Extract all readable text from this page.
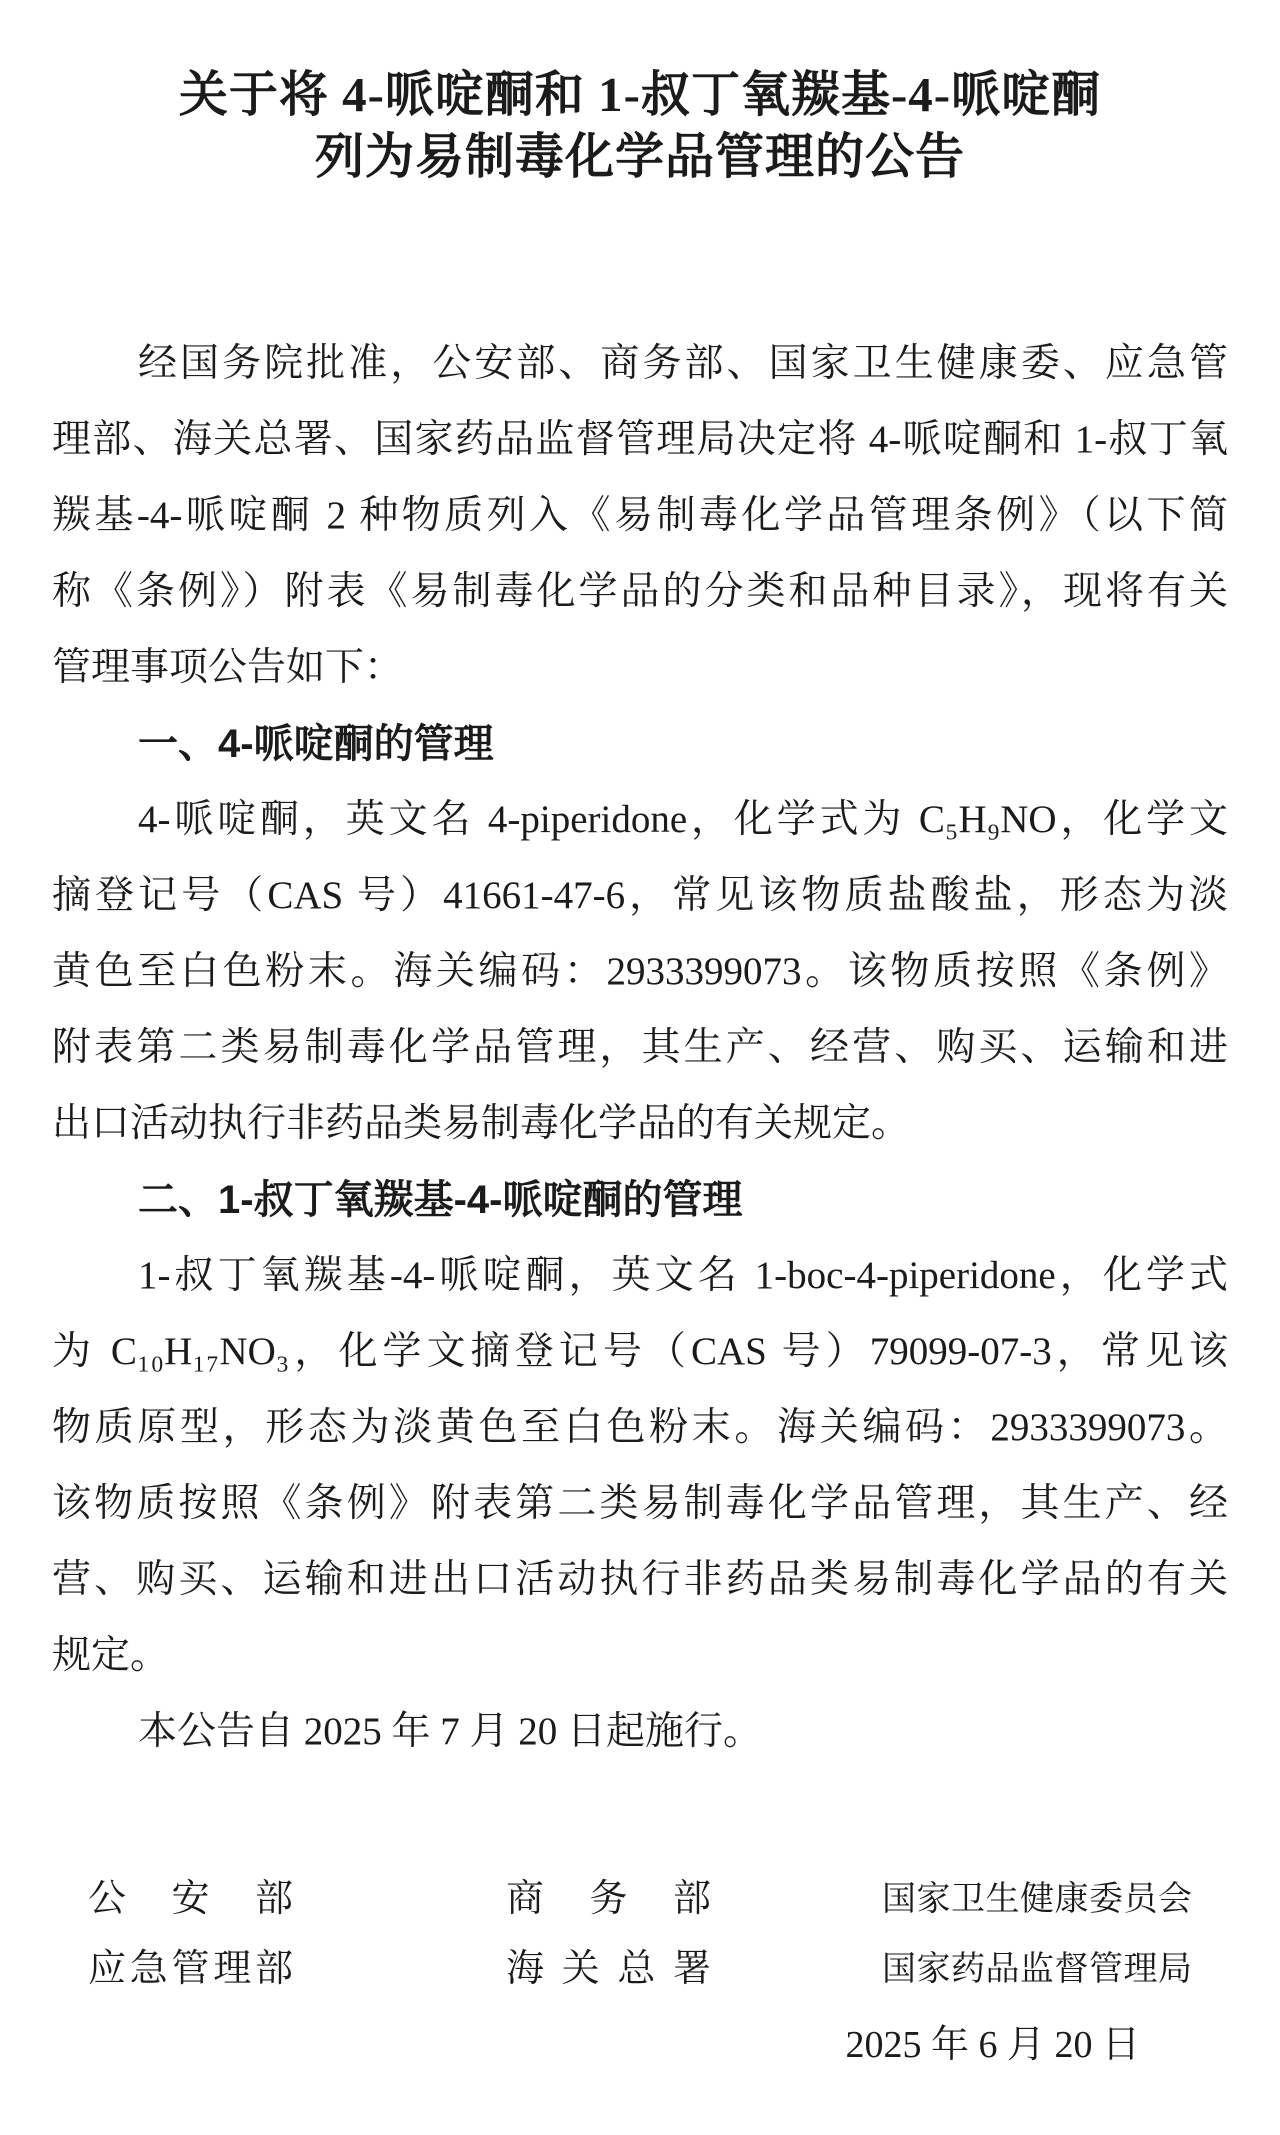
关于将 4-哌啶酮和 1-叔丁氧羰基-4-哌啶酮
列为易制毒化学品管理的公告
经国务院批准，公安部、商务部、国家卫生健康委、应急管
理部、海关总署、国家药品监督管理局决定将 4-哌啶酮和 1-叔丁氧
羰基-4-哌啶酮 2 种物质列入《易制毒化学品管理条例》（以下简
称《条例》）附表《易制毒化学品的分类和品种目录》，现将有关
管理事项公告如下：
一、4-哌啶酮的管理
4-哌啶酮，英文名 4-piperidone，化学式为 C₅H₉NO，化学文
摘登记号（CAS 号）41661-47-6，常见该物质盐酸盐，形态为淡
黄色至白色粉末。海关编码：2933399073。该物质按照《条例》
附表第二类易制毒化学品管理，其生产、经营、购买、运输和进
出口活动执行非药品类易制毒化学品的有关规定。
二、1-叔丁氧羰基-4-哌啶酮的管理
1-叔丁氧羰基-4-哌啶酮，英文名 1-boc-4-piperidone，化学式
为 C₁₀H₁₇NO₃，化学文摘登记号（CAS 号）79099-07-3，常见该
物质原型，形态为淡黄色至白色粉末。海关编码：2933399073。
该物质按照《条例》附表第二类易制毒化学品管理，其生产、经
营、购买、运输和进出口活动执行非药品类易制毒化学品的有关
规定。
本公告自 2025 年 7 月 20 日起施行。
公安部	商务部	国家卫生健康委员会
应急管理部	海关总署	国家药品监督管理局
2025 年 6 月 20 日
